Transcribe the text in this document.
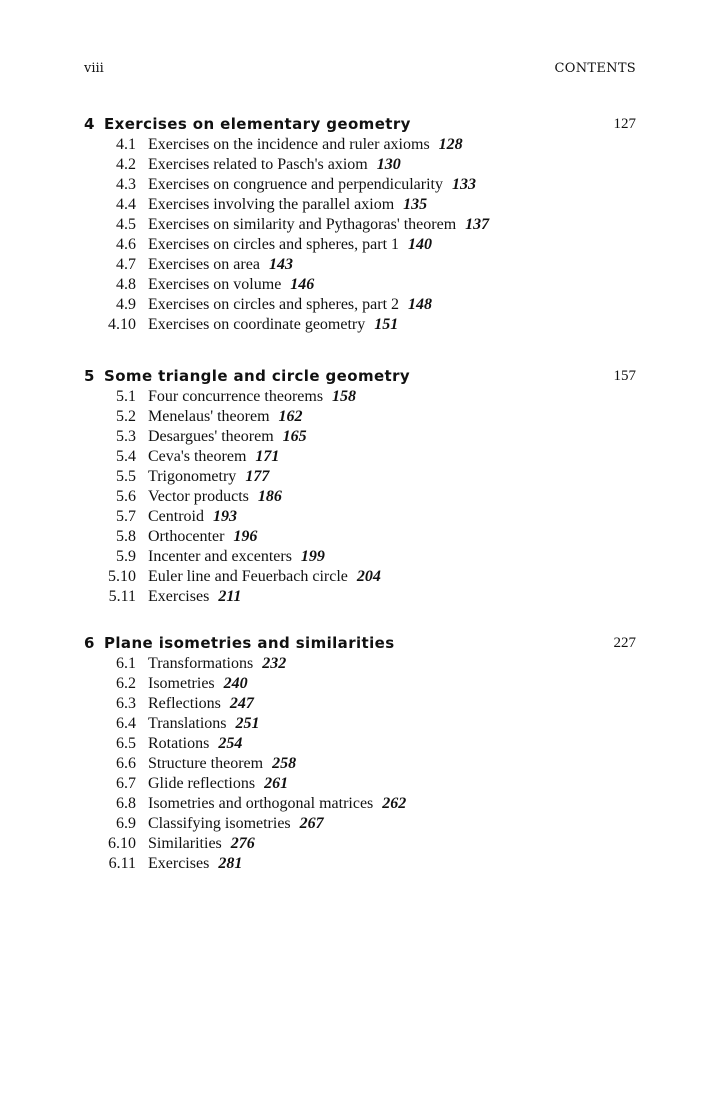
viii	CONTENTS
4 Exercises on elementary geometry	127
4.1 Exercises on the incidence and ruler axioms 128
4.2 Exercises related to Pasch's axiom 130
4.3 Exercises on congruence and perpendicularity 133
4.4 Exercises involving the parallel axiom 135
4.5 Exercises on similarity and Pythagoras' theorem 137
4.6 Exercises on circles and spheres, part 1 140
4.7 Exercises on area 143
4.8 Exercises on volume 146
4.9 Exercises on circles and spheres, part 2 148
4.10 Exercises on coordinate geometry 151
5 Some triangle and circle geometry	157
5.1 Four concurrence theorems 158
5.2 Menelaus' theorem 162
5.3 Desargues' theorem 165
5.4 Ceva's theorem 171
5.5 Trigonometry 177
5.6 Vector products 186
5.7 Centroid 193
5.8 Orthocenter 196
5.9 Incenter and excenters 199
5.10 Euler line and Feuerbach circle 204
5.11 Exercises 211
6 Plane isometries and similarities	227
6.1 Transformations 232
6.2 Isometries 240
6.3 Reflections 247
6.4 Translations 251
6.5 Rotations 254
6.6 Structure theorem 258
6.7 Glide reflections 261
6.8 Isometries and orthogonal matrices 262
6.9 Classifying isometries 267
6.10 Similarities 276
6.11 Exercises 281
